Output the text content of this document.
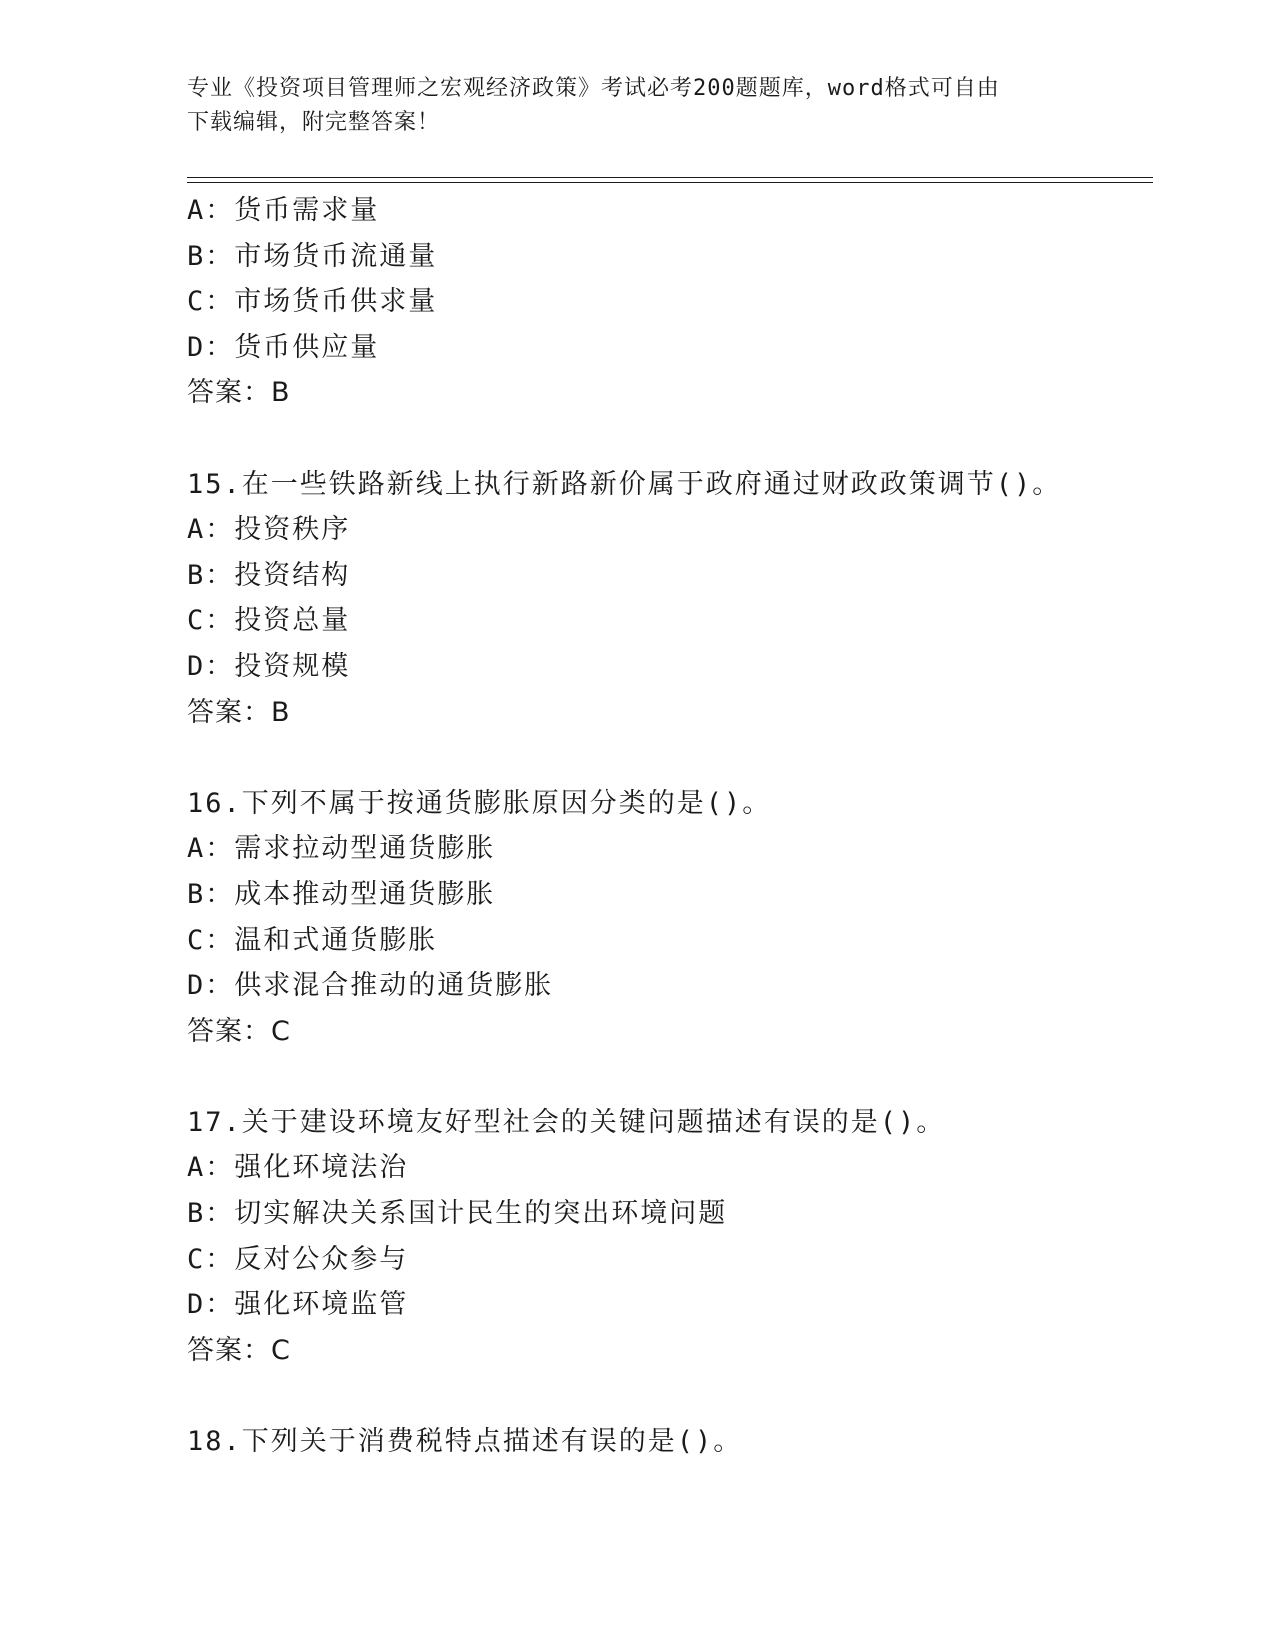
专业《投资项目管理师之宏观经济政策》考试必考200题题库，word格式可自由
下载编辑，附完整答案！
A：货币需求量
B：市场货币流通量
C：市场货币供求量
D：货币供应量
答案：B
15.在一些铁路新线上执行新路新价属于政府通过财政政策调节()。
A：投资秩序
B：投资结构
C：投资总量
D：投资规模
答案：B
16.下列不属于按通货膨胀原因分类的是()。
A：需求拉动型通货膨胀
B：成本推动型通货膨胀
C：温和式通货膨胀
D：供求混合推动的通货膨胀
答案：C
17.关于建设环境友好型社会的关键问题描述有误的是()。
A：强化环境法治
B：切实解决关系国计民生的突出环境问题
C：反对公众参与
D：强化环境监管
答案：C
18.下列关于消费税特点描述有误的是()。
